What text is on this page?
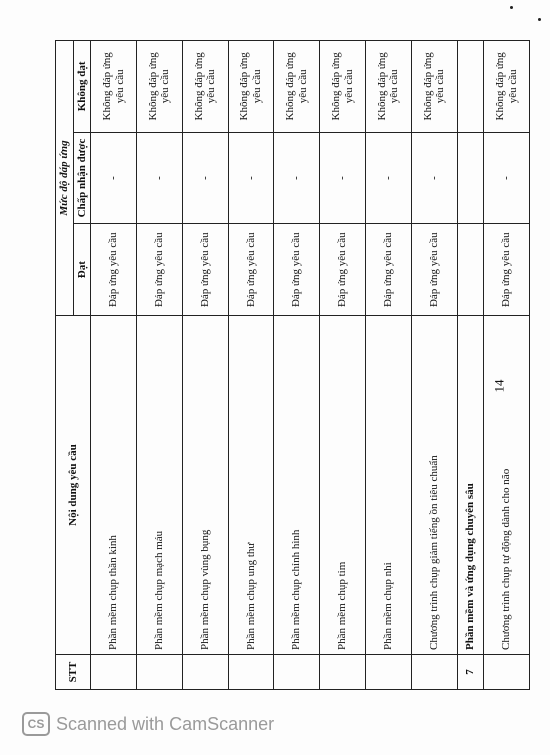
STT	Nội dung yêu cầu	Mức độ đáp ứng		
		Đạt	Chấp nhận được	Không đạt
	Phần mềm chụp thần kinh	Đáp ứng yêu cầu	-	Không đáp ứng yêu cầu
	Phần mềm chụp mạch máu	Đáp ứng yêu cầu	-	Không đáp ứng yêu cầu
	Phần mềm chụp vùng bụng	Đáp ứng yêu cầu	-	Không đáp ứng yêu cầu
	Phần mềm chụp ung thư	Đáp ứng yêu cầu	-	Không đáp ứng yêu cầu
	Phần mềm chụp chỉnh hình	Đáp ứng yêu cầu	-	Không đáp ứng yêu cầu
	Phần mềm chụp tim	Đáp ứng yêu cầu	-	Không đáp ứng yêu cầu
	Phần mềm chụp nhi	Đáp ứng yêu cầu	-	Không đáp ứng yêu cầu
	Chương trình chụp giảm tiếng ồn tiêu chuẩn	Đáp ứng yêu cầu	-	Không đáp ứng yêu cầu
7	Phần mềm và ứng dụng chuyên sâu			
	Chương trình chụp tự động dành cho não	Đáp ứng yêu cầu	-	Không đáp ứng yêu cầu
14
CS Scanned with CamScanner
